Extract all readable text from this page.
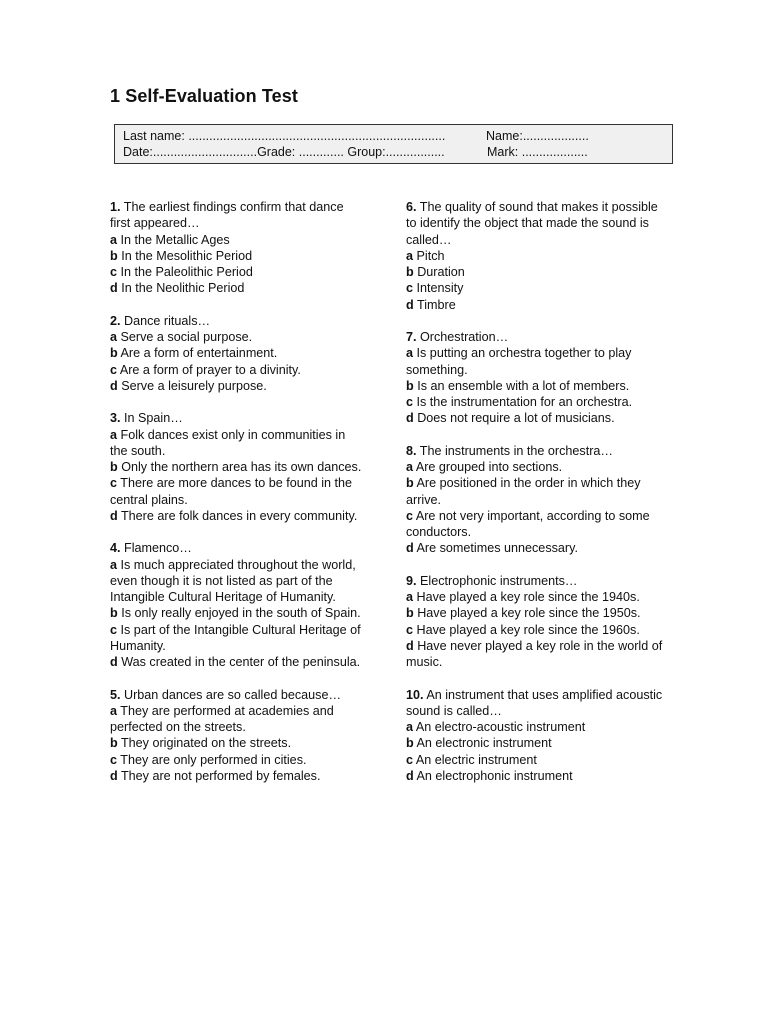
1 Self-Evaluation Test
Last name: ..........................................................................	Name:...................
Date:..............................Grade: ............. Group:.................	Mark: ...................

1. The earliest findings confirm that dance first appeared…

a In the Metallic Ages

b In the Mesolithic Period

c In the Paleolithic Period

d In the Neolithic Period

2. Dance rituals…

a Serve a social purpose.

b Are a form of entertainment.

c Are a form of prayer to a divinity.

d Serve a leisurely purpose.

3. In Spain…

a Folk dances exist only in communities in the south.

b Only the northern area has its own dances.

c There are more dances to be found in the central plains.

d There are folk dances in every community.

4. Flamenco…

a Is much appreciated throughout the world, even though it is not listed as part of the Intangible Cultural Heritage of Humanity.

b Is only really enjoyed in the south of Spain.

c Is part of the Intangible Cultural Heritage of Humanity.

d Was created in the center of the peninsula.

5. Urban dances are so called because…

a They are performed at academies and perfected on the streets.

b They originated on the streets.

c They are only performed in cities.

d They are not performed by females.

6. The quality of sound that makes it possible to identify the object that made the sound is called…

a Pitch

b Duration

c Intensity

d Timbre

7. Orchestration…

a Is putting an orchestra together to play something.

b Is an ensemble with a lot of members.

c Is the instrumentation for an orchestra.

d Does not require a lot of musicians.

8. The instruments in the orchestra…

a Are grouped into sections.

b Are positioned in the order in which they arrive.

c Are not very important, according to some conductors.

d Are sometimes unnecessary.

9. Electrophonic instruments…

a Have played a key role since the 1940s.

b Have played a key role since the 1950s.

c Have played a key role since the 1960s.

d Have never played a key role in the world of music.

10. An instrument that uses amplified acoustic sound is called…

a An electro-acoustic instrument

b An electronic instrument

c An electric instrument

d An electrophonic instrument
